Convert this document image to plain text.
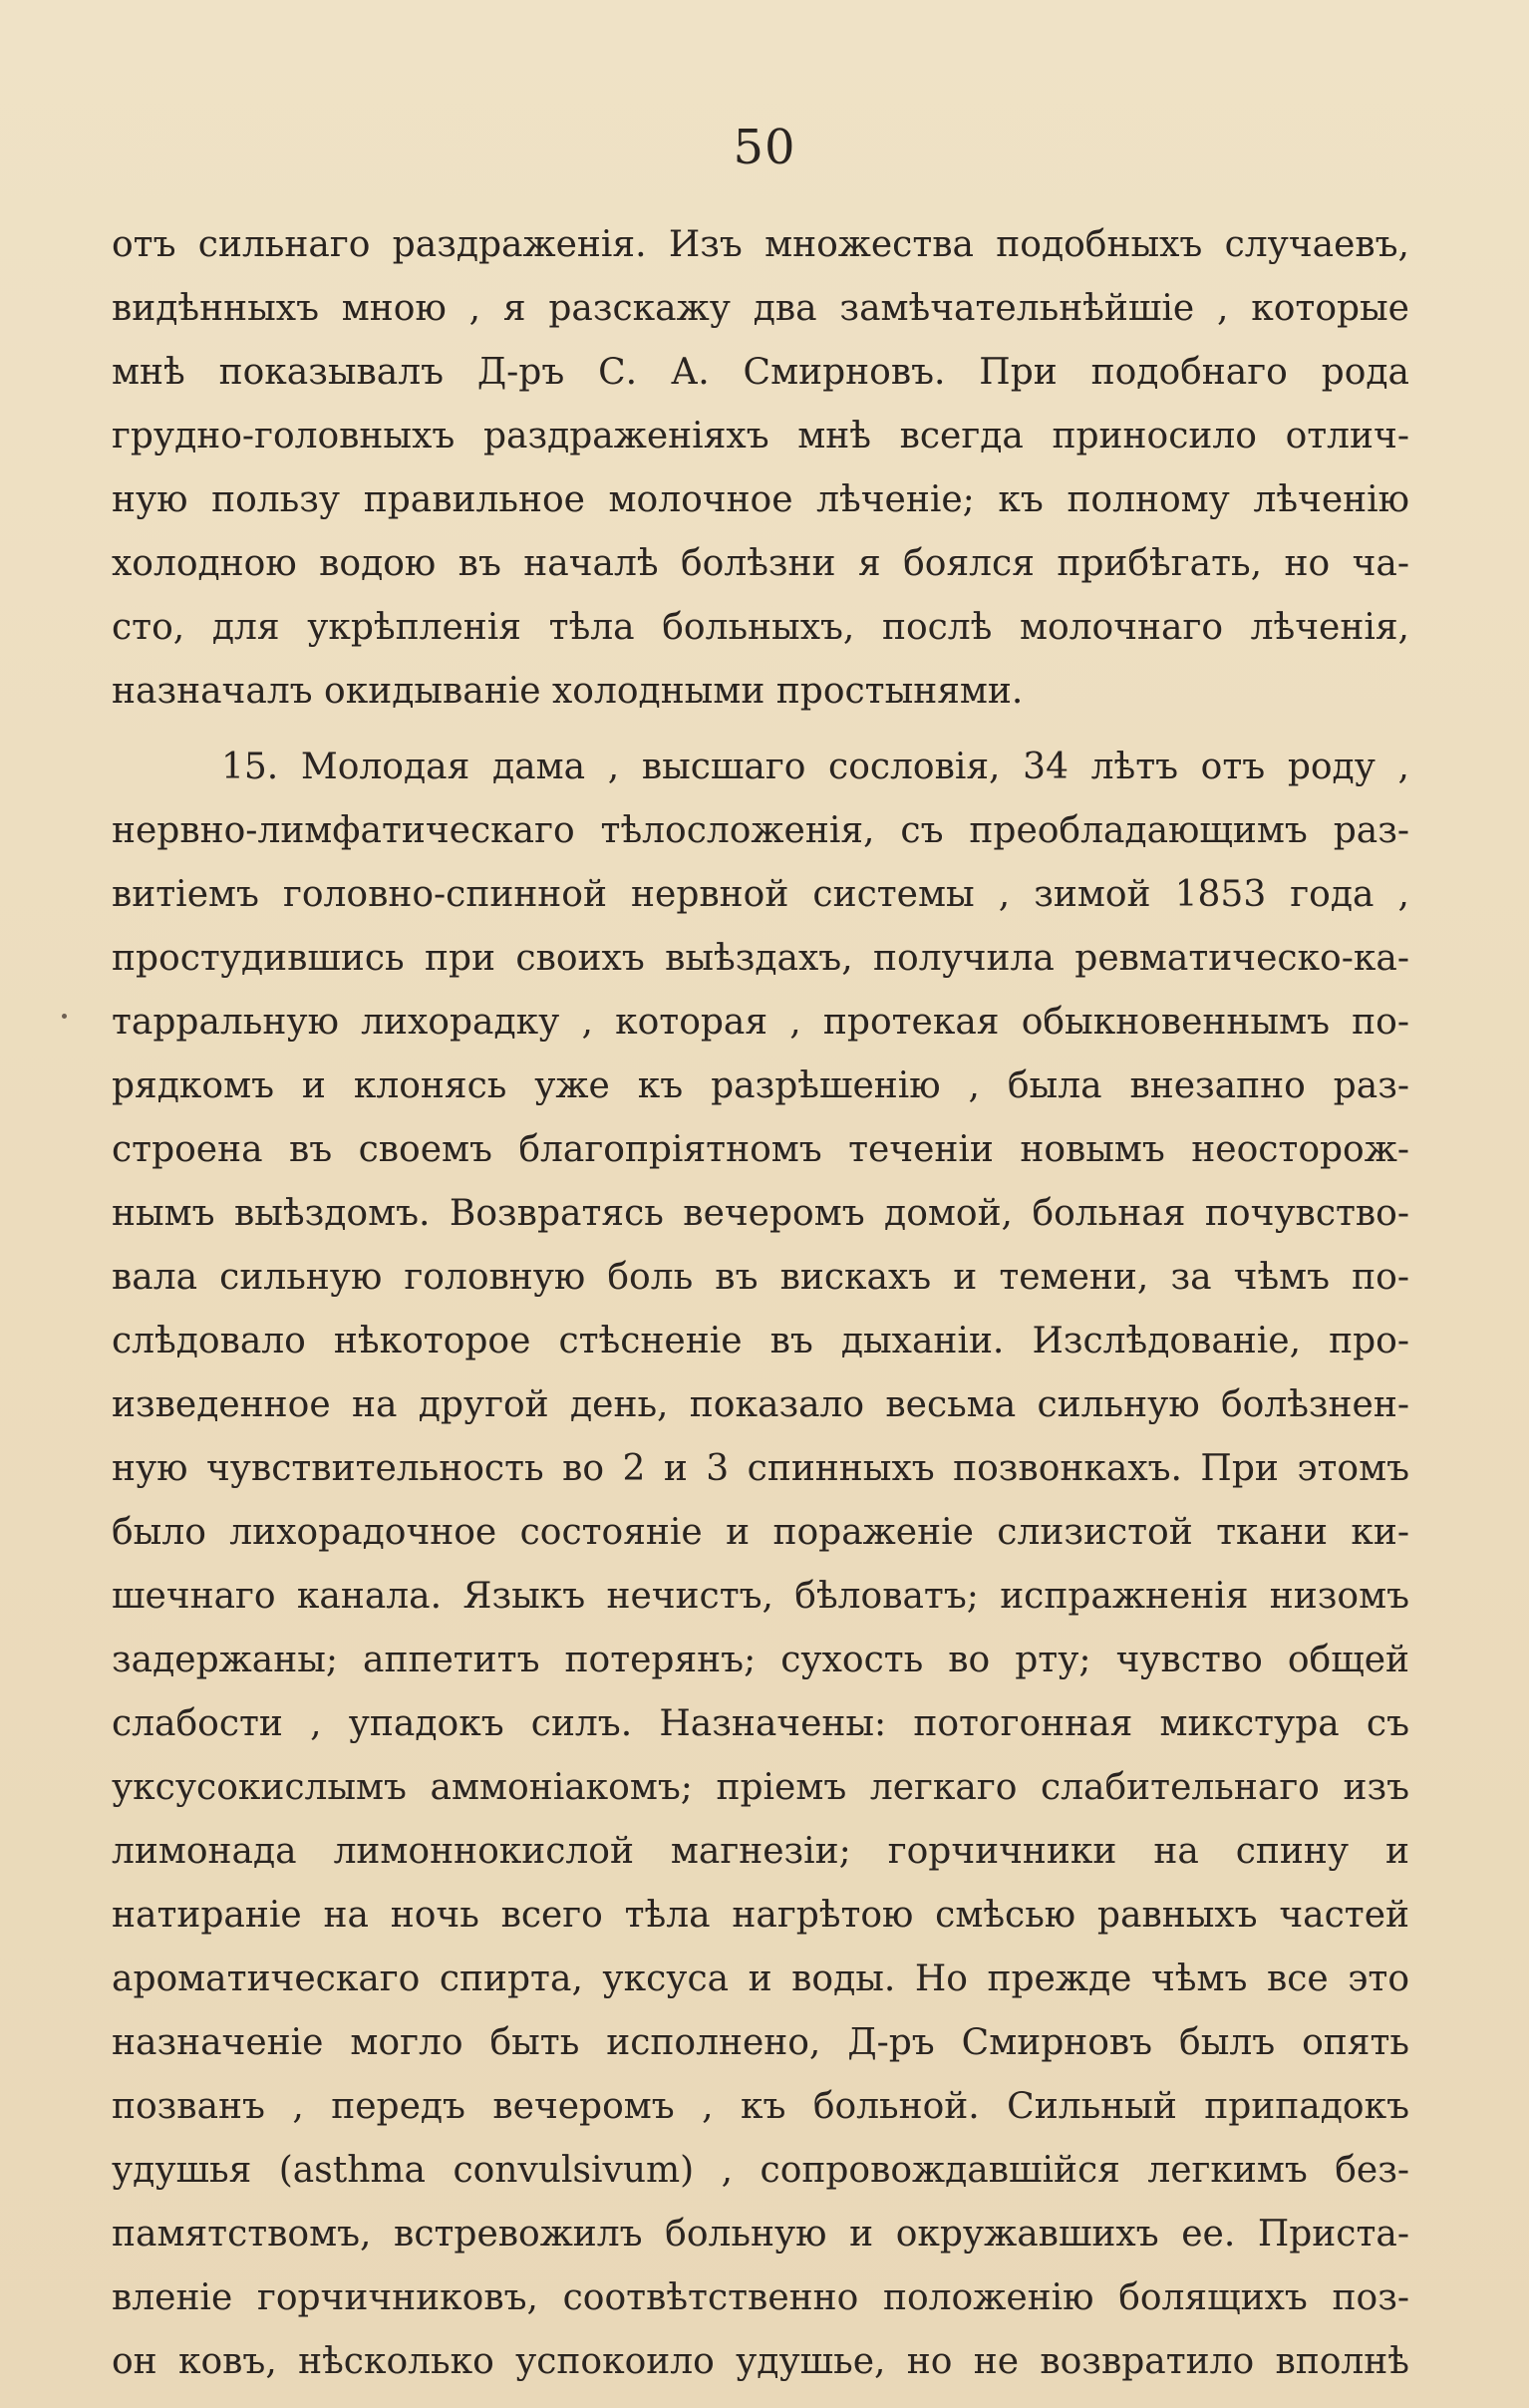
50
отъ сильнаго раздраженія. Изъ множества подобныхъ случаевъ,
видѣнныхъ мною , я разскажу два замѣчательнѣйшіе , которые
мнѣ показывалъ Д-ръ С. А. Смирновъ. При подобнаго рода
грудно-головныхъ раздраженіяхъ мнѣ всегда приносило отлич-
ную пользу правильное молочное лѣченіе; къ полному лѣченію
холодною водою въ началѣ болѣзни я боялся прибѣгать, но ча-
сто, для укрѣпленія тѣла больныхъ, послѣ молочнаго лѣченія,
назначалъ окидываніе холодными простынями.
15. Молодая дама , высшаго сословія, 34 лѣтъ отъ роду ,
нервно-лимфатическаго тѣлосложенія, съ преобладающимъ раз-
витіемъ головно-спинной нервной системы , зимой 1853 года ,
простудившись при своихъ выѣздахъ, получила ревматическо-ка-
тарральную лихорадку , которая , протекая обыкновеннымъ по-
рядкомъ и клонясь уже къ разрѣшенію , была внезапно раз-
строена въ своемъ благопріятномъ теченіи новымъ неосторож-
нымъ выѣздомъ. Возвратясь вечеромъ домой, больная почувство-
вала сильную головную боль въ вискахъ и темени, за чѣмъ по-
слѣдовало нѣкоторое стѣсненіе въ дыханіи. Изслѣдованіе, про-
изведенное на другой день, показало весьма сильную болѣзнен-
ную чувствительность во 2 и 3 спинныхъ позвонкахъ. При этомъ
было лихорадочное состояніе и пораженіе слизистой ткани ки-
шечнаго канала. Языкъ нечистъ, бѣловатъ; испражненія низомъ
задержаны; аппетитъ потерянъ; сухость во рту; чувство общей
слабости , упадокъ силъ. Назначены: потогонная микстура съ
уксусокислымъ аммоніакомъ; пріемъ легкаго слабительнаго изъ
лимонада лимоннокислой магнезіи; горчичники на спину и
натираніе на ночь всего тѣла нагрѣтою смѣсью равныхъ частей
ароматическаго спирта, уксуса и воды. Но прежде чѣмъ все это
назначеніе могло быть исполнено, Д-ръ Смирновъ былъ опять
позванъ , передъ вечеромъ , къ больной. Сильный припадокъ
удушья (asthma convulsivum) , сопровождавшійся легкимъ без-
памятствомъ, встревожилъ больную и окружавшихъ ее. Приста-
вленіе горчичниковъ, соотвѣтственно положенію болящихъ поз-
он ковъ, нѣсколько успокоило удушье, но не возвратило вполнѣ
